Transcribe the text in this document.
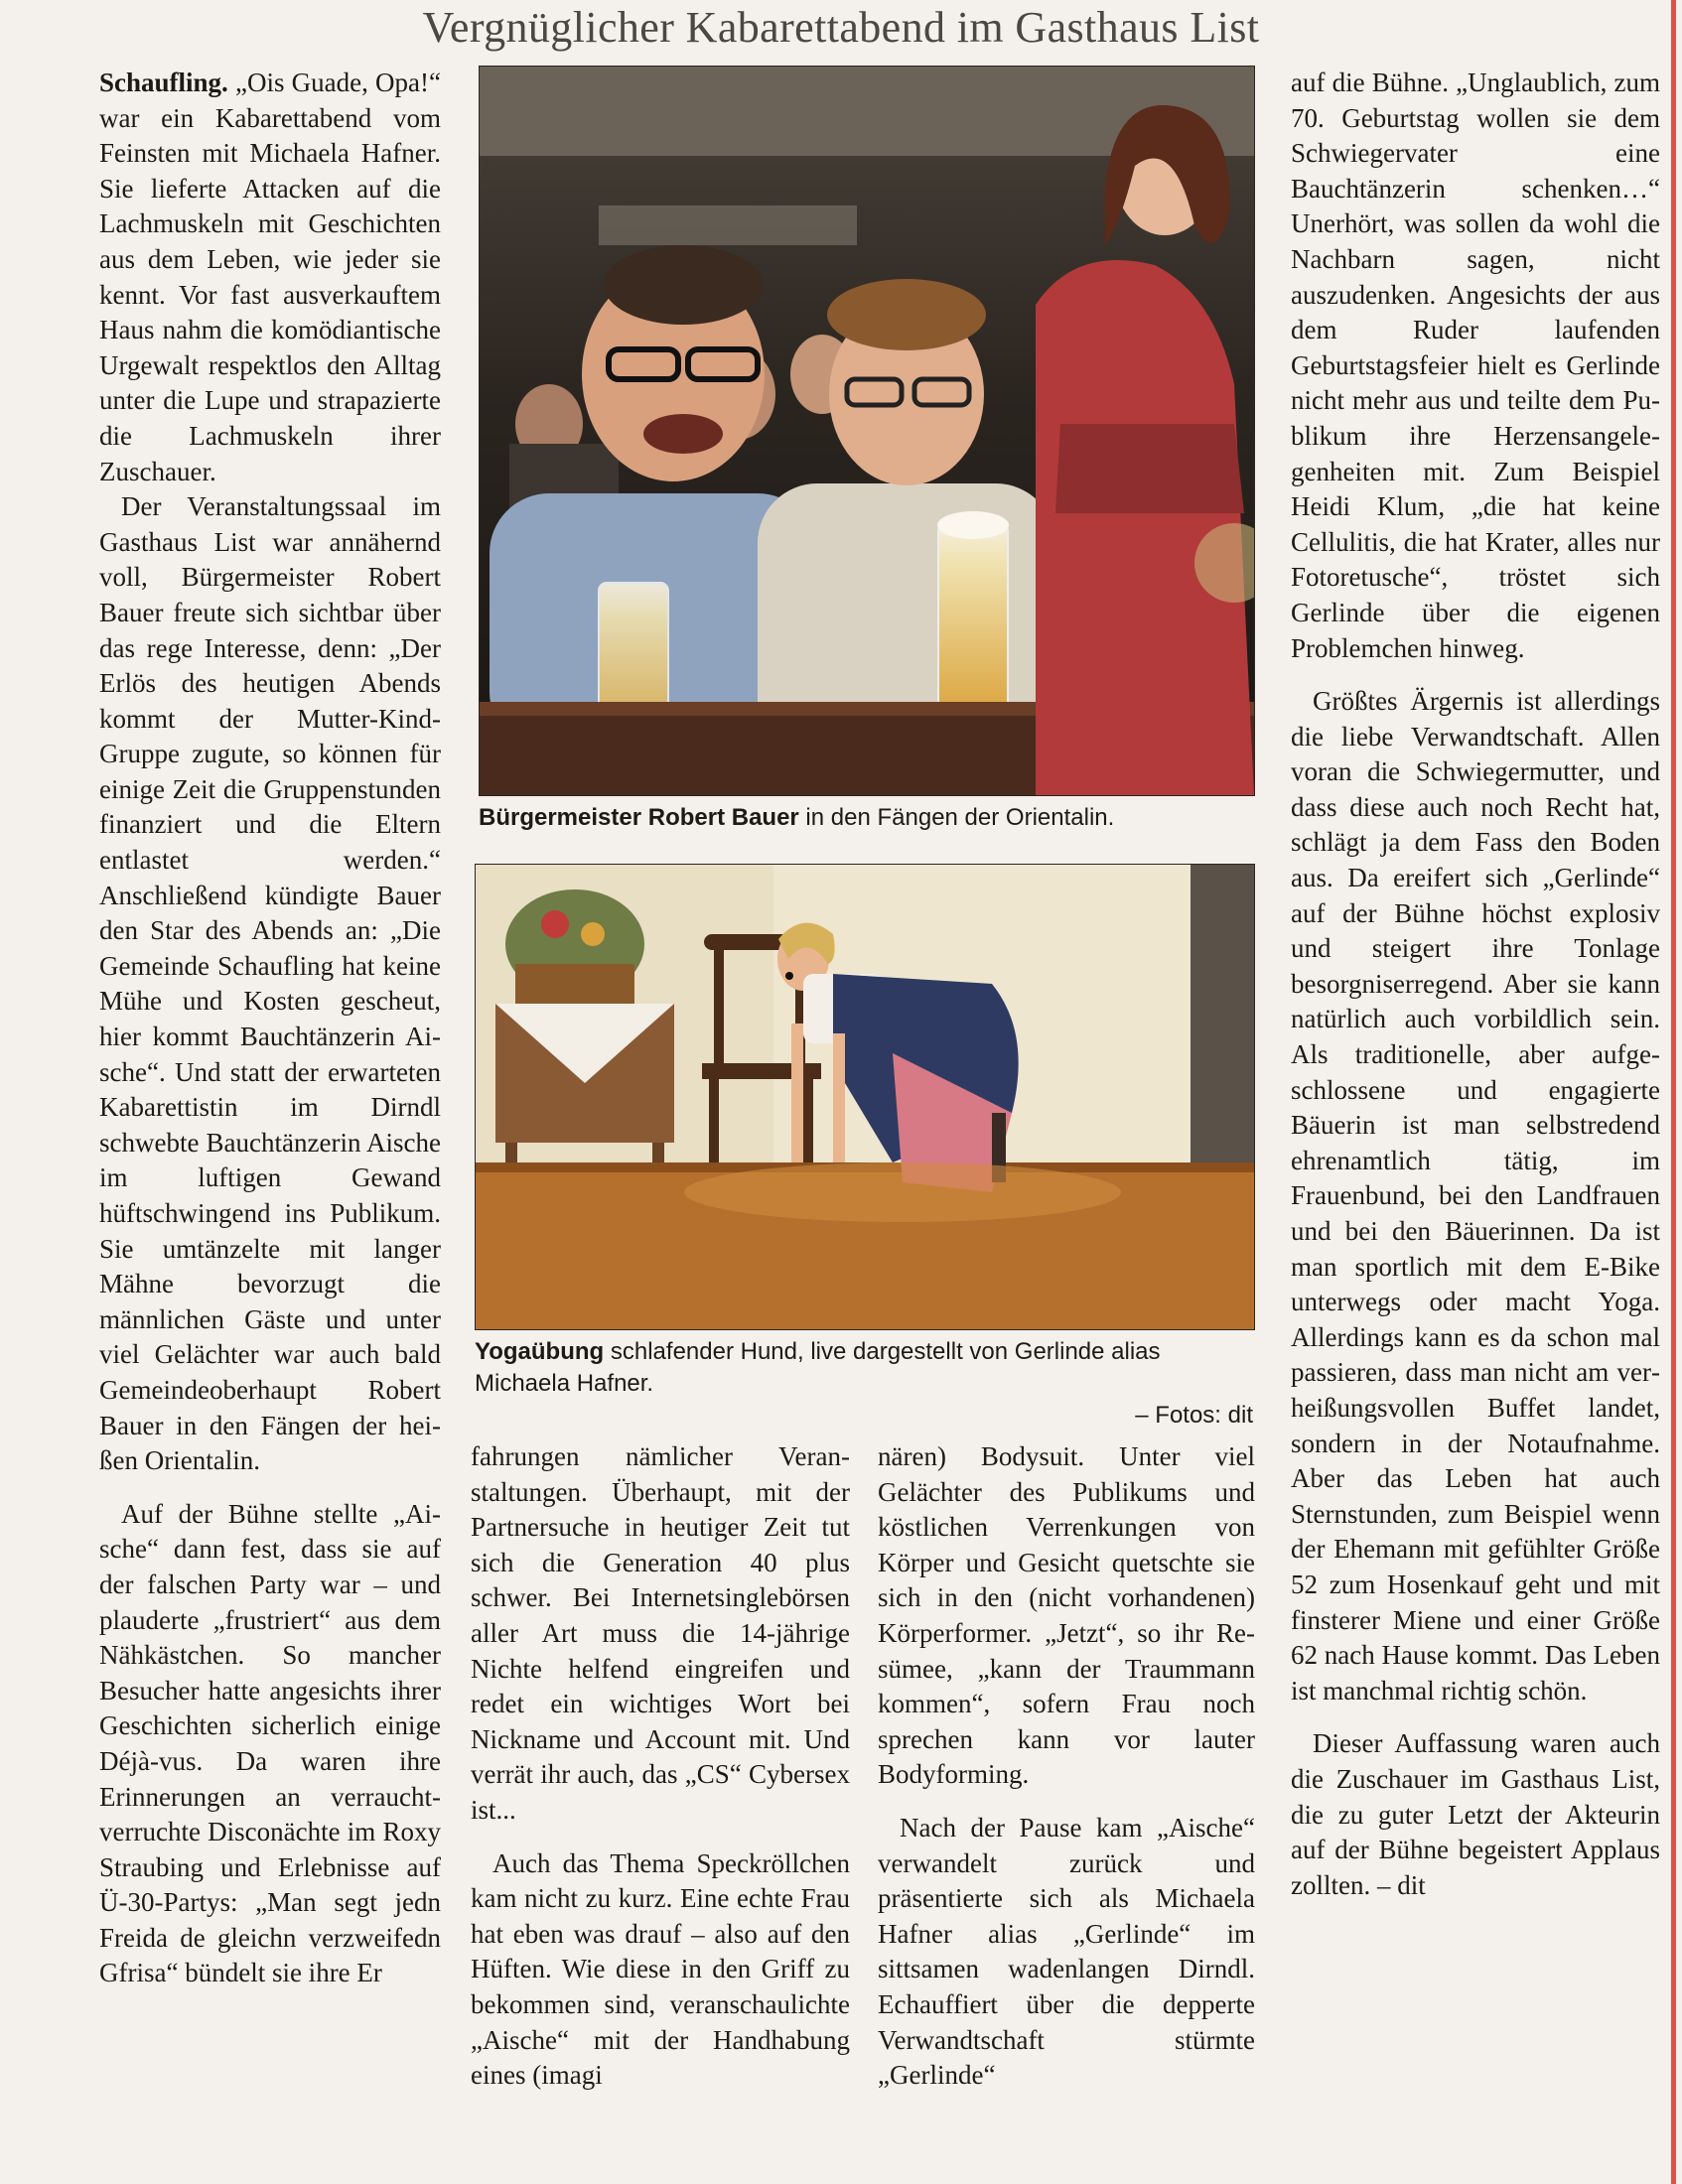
Vergnüglicher Kabarettabend im Gasthaus List

Schaufling. „Ois Guade, Opa!“ war ein Kabarettabend vom Feinsten mit Michaela Hafner. Sie lieferte Attacken auf die Lachmuskeln mit Geschichten aus dem Leben, wie jeder sie kennt. Vor fast ausverkauftem Haus nahm die komödiantische Urgewalt respektlos den Alltag unter die Lupe und strapazierte die Lachmuskeln ihrer Zuschauer.

Der Veranstaltungssaal im Gasthaus List war annähernd voll, Bürgermeister Robert Bauer freute sich sichtbar über das rege Interesse, denn: „Der Erlös des heutigen Abends kommt der Mutter-Kind-Gruppe zugute, so können für einige Zeit die Gruppenstunden finanziert und die Eltern entlastet werden.“ Anschließend kündigte Bauer den Star des Abends an: „Die Gemeinde Schaufling hat keine Mühe und Kosten gescheut, hier kommt Bauchtänzerin Aische“. Und statt der erwarteten Kabarettistin im Dirndl schwebte Bauchtänzerin Aische im luftigen Gewand hüftschwingend ins Publikum. Sie umtänzelte mit langer Mähne bevorzugt die männlichen Gäste und unter viel Gelächter war auch bald Gemeindeoberhaupt Robert Bauer in den Fängen der heißen Orientalin.

Auf der Bühne stellte „Aische“ dann fest, dass sie auf der falschen Party war – und plauderte „frustriert“ aus dem Nähkästchen. So mancher Besucher hatte angesichts ihrer Geschichten sicherlich einige Déjà-vus. Da waren ihre Erinnerungen an verraucht-verruchte Disconächte im Roxy Straubing und Erlebnisse auf Ü-30-Partys: „Man segt jedn Freida de gleichn verzweifedn Gfrisa“ bündelt sie ihre Er

Bürgermeister Robert Bauer in den Fängen der Orientalin.
Yogaübung schlafender Hund, live dargestellt von Gerlinde alias Michaela Hafner.
– Fotos: dit

fahrungen nämlicher Veranstaltungen. Überhaupt, mit der Partnersuche in heutiger Zeit tut sich die Generation 40 plus schwer. Bei Internetsinglebörsen aller Art muss die 14-jährige Nichte helfend eingreifen und redet ein wichtiges Wort bei Nickname und Account mit. Und verrät ihr auch, das „CS“ Cybersex ist...

Auch das Thema Speckröllchen kam nicht zu kurz. Eine echte Frau hat eben was drauf – also auf den Hüften. Wie diese in den Griff zu bekommen sind, veranschaulichte „Aische“ mit der Handhabung eines (imagi

nären) Bodysuit. Unter viel Gelächter des Publikums und köstlichen Verrenkungen von Körper und Gesicht quetschte sie sich in den (nicht vorhandenen) Körperformer. „Jetzt“, so ihr Resümee, „kann der Traummann kommen“, sofern Frau noch sprechen kann vor lauter Bodyforming.

Nach der Pause kam „Aische“ verwandelt zurück und präsentierte sich als Michaela Hafner alias „Gerlinde“ im sittsamen wadenlangen Dirndl. Echauffiert über die depperte Verwandtschaft stürmte „Gerlinde“

auf die Bühne. „Unglaublich, zum 70. Geburtstag wollen sie dem Schwiegervater eine Bauchtänzerin schenken…“ Unerhört, was sollen da wohl die Nachbarn sagen, nicht auszudenken. Angesichts der aus dem Ruder laufenden Geburtstagsfeier hielt es Gerlinde nicht mehr aus und teilte dem Publikum ihre Herzensangelegenheiten mit. Zum Beispiel Heidi Klum, „die hat keine Cellulitis, die hat Krater, alles nur Fotoretusche“, tröstet sich Gerlinde über die eigenen Problemchen hinweg.

Größtes Ärgernis ist allerdings die liebe Verwandtschaft. Allen voran die Schwiegermutter, und dass diese auch noch Recht hat, schlägt ja dem Fass den Boden aus. Da ereifert sich „Gerlinde“ auf der Bühne höchst explosiv und steigert ihre Tonlage besorgniserregend. Aber sie kann natürlich auch vorbildlich sein. Als traditionelle, aber aufgeschlossene und engagierte Bäuerin ist man selbstredend ehrenamtlich tätig, im Frauenbund, bei den Landfrauen und bei den Bäuerinnen. Da ist man sportlich mit dem E-Bike unterwegs oder macht Yoga. Allerdings kann es da schon mal passieren, dass man nicht am verheißungsvollen Buffet landet, sondern in der Notaufnahme. Aber das Leben hat auch Sternstunden, zum Beispiel wenn der Ehemann mit gefühlter Größe 52 zum Hosenkauf geht und mit finsterer Miene und einer Größe 62 nach Hause kommt. Das Leben ist manchmal richtig schön.

Dieser Auffassung waren auch die Zuschauer im Gasthaus List, die zu guter Letzt der Akteurin auf der Bühne begeistert Applaus zollten. – dit
